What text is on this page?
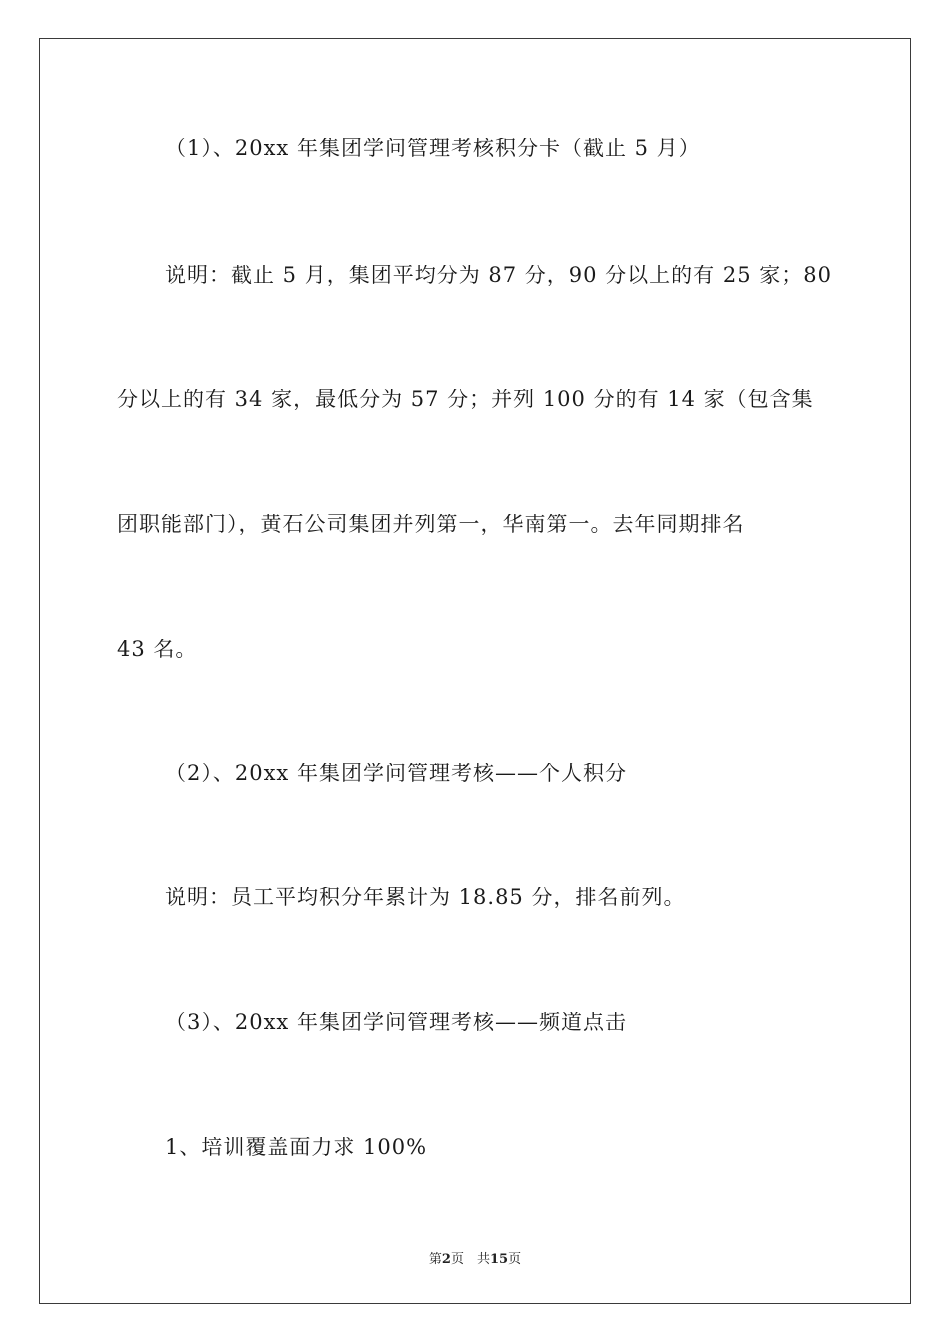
（1）、20xx 年集团学问管理考核积分卡（截止 5 月）
说明：截止 5 月，集团平均分为 87 分，90 分以上的有 25 家；80
分以上的有 34 家，最低分为 57 分；并列 100 分的有 14 家（包含集
团职能部门），黄石公司集团并列第一，华南第一。去年同期排名
43 名。
（2）、20xx 年集团学问管理考核——个人积分
说明：员工平均积分年累计为 18.85 分，排名前列。
（3）、20xx 年集团学问管理考核——频道点击
1、培训覆盖面力求 100%
第2页　共15页
